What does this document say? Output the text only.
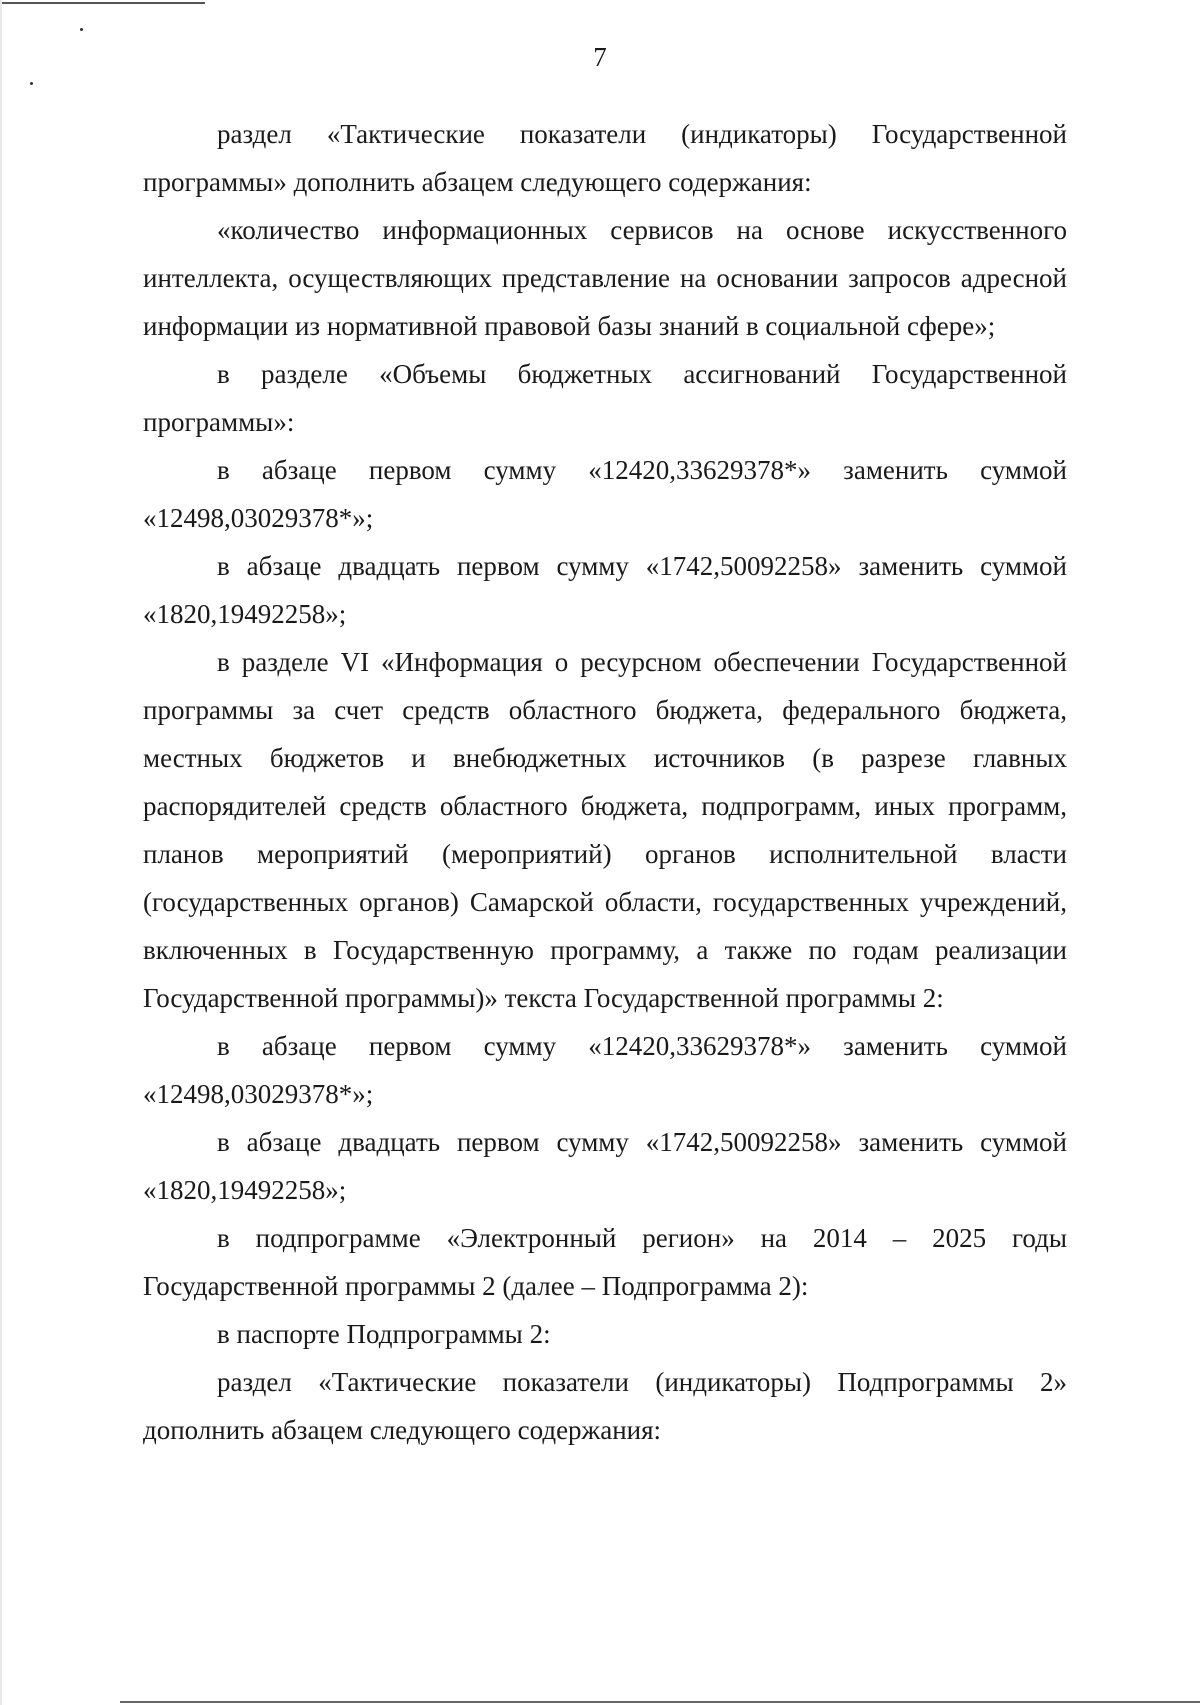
7

раздел «Тактические показатели (индикаторы) Государственной программы» дополнить абзацем следующего содержания:

«количество информационных сервисов на основе искусственного интеллекта, осуществляющих представление на основании запросов адресной информации из нормативной правовой базы знаний в социальной сфере»;

в разделе «Объемы бюджетных ассигнований Государственной программы»:

в абзаце первом сумму «12420,33629378*» заменить суммой «12498,03029378*»;

в абзаце двадцать первом сумму «1742,50092258» заменить суммой «1820,19492258»;

в разделе VI «Информация о ресурсном обеспечении Государственной программы за счет средств областного бюджета, федерального бюджета, местных бюджетов и внебюджетных источников (в разрезе главных распорядителей средств областного бюджета, подпрограмм, иных программ, планов мероприятий (мероприятий) органов исполнительной власти (государственных органов) Самарской области, государственных учреждений, включенных в Государственную программу, а также по годам реализации Государственной программы)» текста Государственной программы 2:

в абзаце первом сумму «12420,33629378*» заменить суммой «12498,03029378*»;

в абзаце двадцать первом сумму «1742,50092258» заменить суммой «1820,19492258»;

в подпрограмме «Электронный регион» на 2014 – 2025 годы Государственной программы 2 (далее – Подпрограмма 2):

в паспорте Подпрограммы 2:

раздел «Тактические показатели (индикаторы) Подпрограммы 2» дополнить абзацем следующего содержания:
